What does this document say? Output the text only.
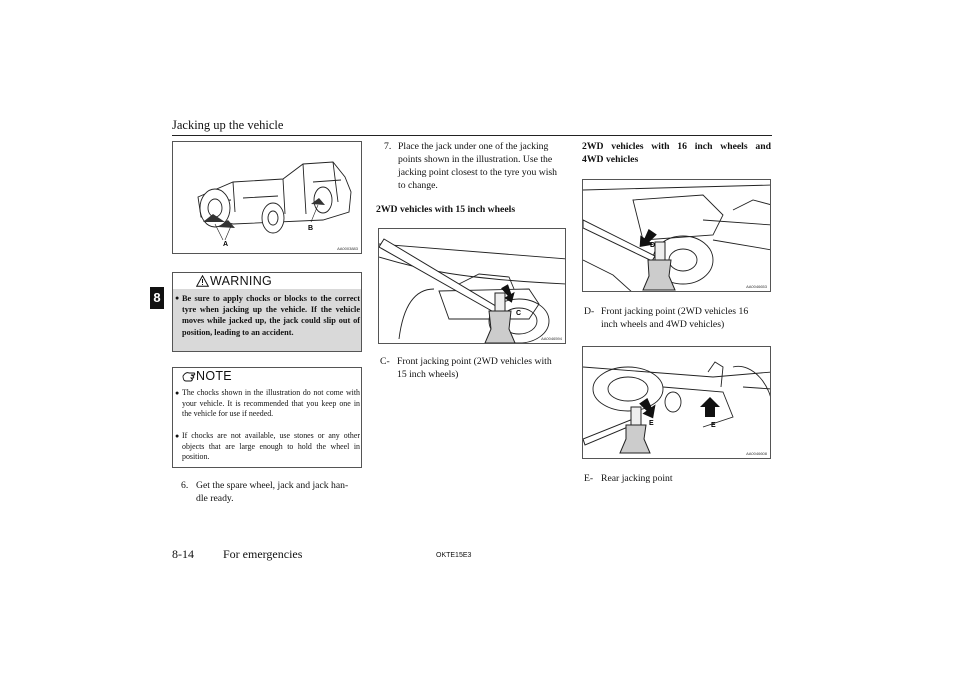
Jacking up the vehicle
8
A
B
AA0003883
WARNING
● Be sure to apply chocks or blocks to the correct tyre when jacking up the vehicle. If the vehicle moves while jacked up, the jack could slip out of position, leading to an accident.
NOTE
● The chocks shown in the illustration do not come with your vehicle. It is recommended that you keep one in the vehicle for use if needed.
● If chocks are not available, use stones or any other objects that are large enough to hold the wheel in position.
6. Get the spare wheel, jack and jack han-
dle ready.
7. Place the jack under one of the jacking
points shown in the illustration. Use the
jacking point closest to the tyre you wish
to change.
2WD vehicles with 15 inch wheels
C
AA0046594
C- Front jacking point (2WD vehicles with
15 inch wheels)
2WD vehicles with 16 inch wheels and
4WD vehicles
D
AA0046653
D- Front jacking point (2WD vehicles 16
inch wheels and 4WD vehicles)
E	E
AA0046608
E- Rear jacking point
8-14 For emergencies	OKTE15E3
